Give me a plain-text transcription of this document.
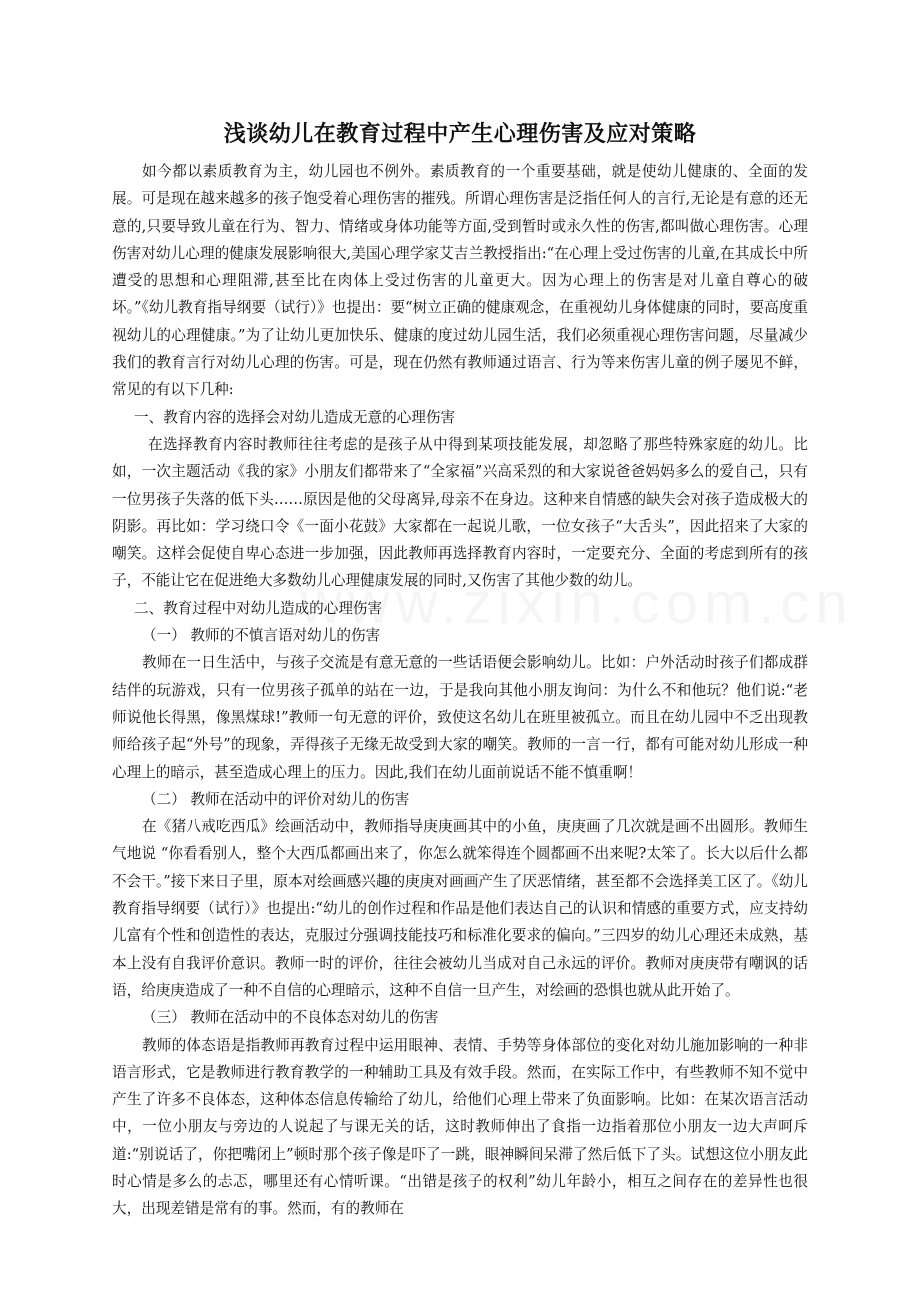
浅谈幼儿在教育过程中产生心理伤害及应对策略

如今都以素质教育为主，幼儿园也不例外。素质教育的一个重要基础，就是使幼儿健康的、全面的发展。可是现在越来越多的孩子饱受着心理伤害的摧残。所谓心理伤害是泛指任何人的言行,无论是有意的还无意的,只要导致儿童在行为、智力、情绪或身体功能等方面,受到暂时或永久性的伤害,都叫做心理伤害。心理伤害对幼儿心理的健康发展影响很大,美国心理学家艾吉兰教授指出:“在心理上受过伤害的儿童,在其成长中所遭受的思想和心理阻滞,甚至比在肉体上受过伤害的儿童更大。因为心理上的伤害是对儿童自尊心的破坏。”《幼儿教育指导纲要（试行）》也提出：要“树立正确的健康观念，在重视幼儿身体健康的同时，要高度重视幼儿的心理健康。”为了让幼儿更加快乐、健康的度过幼儿园生活，我们必须重视心理伤害问题，尽量减少我们的教育言行对幼儿心理的伤害。可是，现在仍然有教师通过语言、行为等来伤害儿童的例子屡见不鲜，常见的有以下几种:

一、教育内容的选择会对幼儿造成无意的心理伤害

在选择教育内容时教师往往考虑的是孩子从中得到某项技能发展，却忽略了那些特殊家庭的幼儿。比如，一次主题活动《我的家》小朋友们都带来了“全家福”兴高采烈的和大家说爸爸妈妈多么的爱自己，只有一位男孩子失落的低下头……原因是他的父母离异,母亲不在身边。这种来自情感的缺失会对孩子造成极大的阴影。再比如：学习绕口令《一面小花鼓》大家都在一起说儿歌，一位女孩子“大舌头”，因此招来了大家的嘲笑。这样会促使自卑心态进一步加强，因此教师再选择教育内容时，一定要充分、全面的考虑到所有的孩子，不能让它在促进绝大多数幼儿心理健康发展的同时,又伤害了其他少数的幼儿。

二、教育过程中对幼儿造成的心理伤害

（一） 教师的不慎言语对幼儿的伤害

教师在一日生活中，与孩子交流是有意无意的一些话语便会影响幼儿。比如：户外活动时孩子们都成群结伴的玩游戏，只有一位男孩子孤单的站在一边，于是我向其他小朋友询问：为什么不和他玩？他们说:“老师说他长得黑，像黑煤球!”教师一句无意的评价，致使这名幼儿在班里被孤立。而且在幼儿园中不乏出现教师给孩子起“外号”的现象，弄得孩子无缘无故受到大家的嘲笑。教师的一言一行，都有可能对幼儿形成一种心理上的暗示，甚至造成心理上的压力。因此,我们在幼儿面前说话不能不慎重啊！

（二） 教师在活动中的评价对幼儿的伤害

在《猪八戒吃西瓜》绘画活动中，教师指导庚庚画其中的小鱼，庚庚画了几次就是画不出圆形。教师生气地说 “你看看别人，整个大西瓜都画出来了，你怎么就笨得连个圆都画不出来呢?太笨了。长大以后什么都不会干。”接下来日子里，原本对绘画感兴趣的庚庚对画画产生了厌恶情绪，甚至都不会选择美工区了。《幼儿教育指导纲要（试行）》也提出:“幼儿的创作过程和作品是他们表达自己的认识和情感的重要方式，应支持幼儿富有个性和创造性的表达，克服过分强调技能技巧和标准化要求的偏向。”三四岁的幼儿心理还未成熟，基本上没有自我评价意识。教师一时的评价，往往会被幼儿当成对自己永远的评价。教师对庚庚带有嘲讽的话语，给庚庚造成了一种不自信的心理暗示，这种不自信一旦产生，对绘画的恐惧也就从此开始了。

（三） 教师在活动中的不良体态对幼儿的伤害

教师的体态语是指教师再教育过程中运用眼神、表情、手势等身体部位的变化对幼儿施加影响的一种非语言形式，它是教师进行教育教学的一种辅助工具及有效手段。然而，在实际工作中，有些教师不知不觉中产生了许多不良体态，这种体态信息传输给了幼儿，给他们心理上带来了负面影响。比如：在某次语言活动中，一位小朋友与旁边的人说起了与课无关的话，这时教师伸出了食指一边指着那位小朋友一边大声呵斥道:“别说话了，你把嘴闭上”顿时那个孩子像是吓了一跳，眼神瞬间呆滞了然后低下了头。试想这位小朋友此时心情是多么的忐忑，哪里还有心情听课。“出错是孩子的权利”幼儿年龄小，相互之间存在的差异性也很大，出现差错是常有的事。然而，有的教师在
